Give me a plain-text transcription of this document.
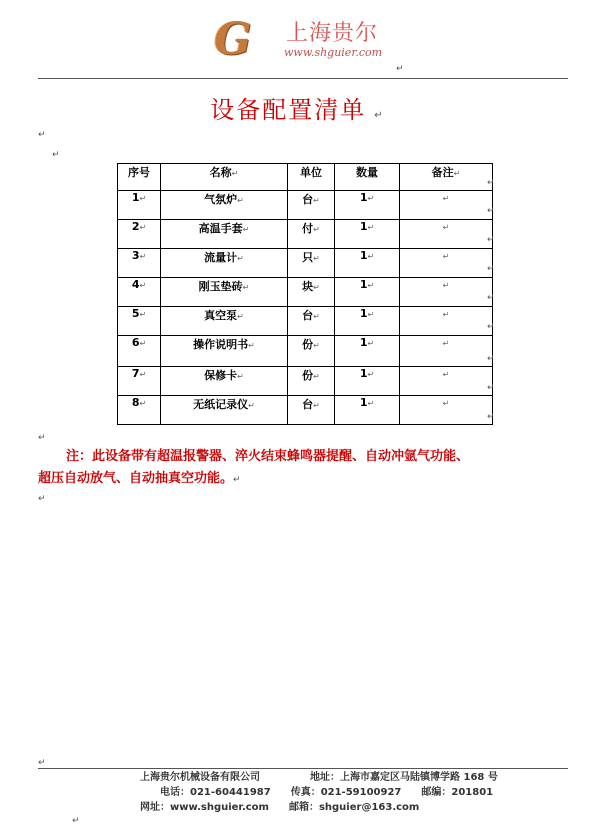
G	上海贵尔
www.shguier.com
↵
设备配置清单 ↵
↵
↵
序号	名称↵	单位	数量	备注↵
1↵	气氛炉↵	台↵	1↵	↵
2↵	高温手套↵	付↵	1↵	↵
3↵	流量计↵	只↵	1↵	↵
4↵	刚玉垫砖↵	块↵	1↵	↵
5↵	真空泵↵	台↵	1↵	↵
6↵	操作说明书↵	份↵	1↵	↵
7↵	保修卡↵	份↵	1↵	↵
8↵	无纸记录仪↵	台↵	1↵	↵
↵
↵
↵
↵
↵
↵
↵
↵
↵
↵
注：此设备带有超温报警器、淬火结束蜂鸣器提醒、自动冲氩气功能、
超压自动放气、自动抽真空功能。↵
↵
↵
上海贵尔机械设备有限公司　　　　　地址：上海市嘉定区马陆镇博学路 168 号
电话：021-60441987　　传真：021-59100927　　邮编：201801
网址：www.shguier.com　　邮箱：shguier@163.com
↵
